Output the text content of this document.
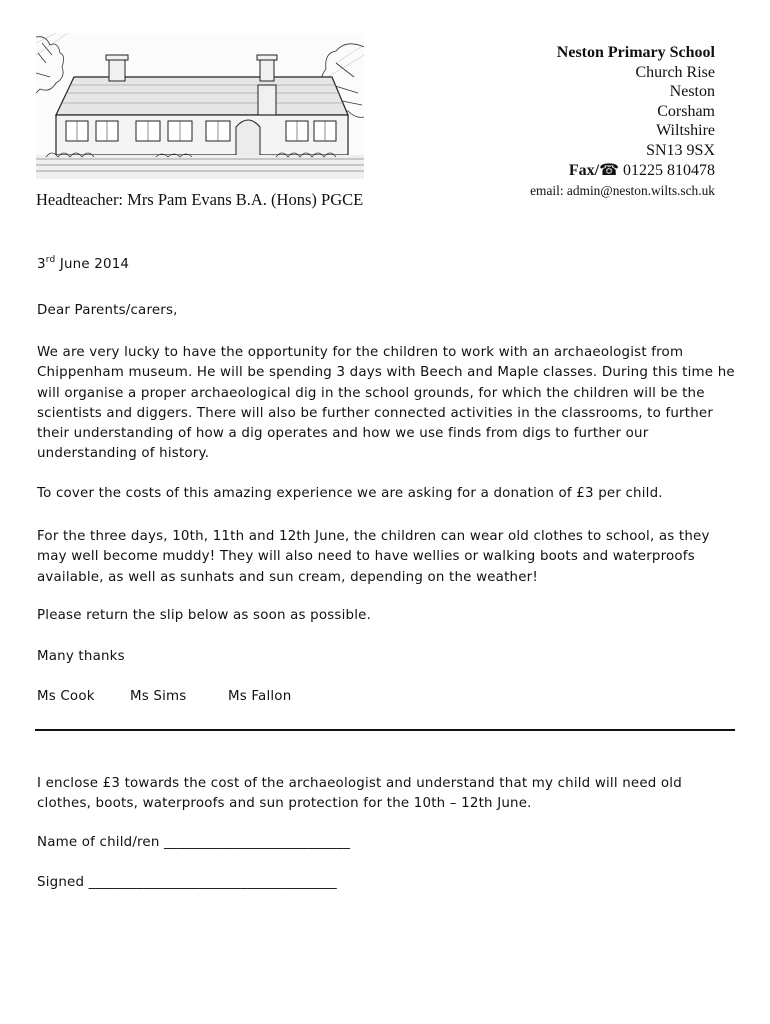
Neston Primary School
Church Rise
Neston
Corsham
Wiltshire
SN13 9SX
Fax/☎ 01225 810478
email: admin@neston.wilts.sch.uk
Headteacher: Mrs Pam Evans B.A. (Hons) PGCE
3rd June 2014
Dear Parents/carers,
We are very lucky to have the opportunity for the children to work with an archaeologist from Chippenham museum. He will be spending 3 days with Beech and Maple classes. During this time he will organise a proper archaeological dig in the school grounds, for which the children will be the scientists and diggers. There will also be further connected activities in the classrooms, to further their understanding of how a dig operates and how we use finds from digs to further our understanding of history.
To cover the costs of this amazing experience we are asking for a donation of £3 per child.
For the three days, 10th, 11th and 12th June, the children can wear old clothes to school, as they may well become muddy! They will also need to have wellies or walking boots and waterproofs available, as well as sunhats and sun cream, depending on the weather!
Please return the slip below as soon as possible.
Many thanks
Ms Cook	Ms Sims	Ms Fallon
I enclose £3 towards the cost of the archaeologist and understand that my child will need old clothes, boots, waterproofs and sun protection for the 10th – 12th June.
Name of child/ren ___________________________
Signed ____________________________________
